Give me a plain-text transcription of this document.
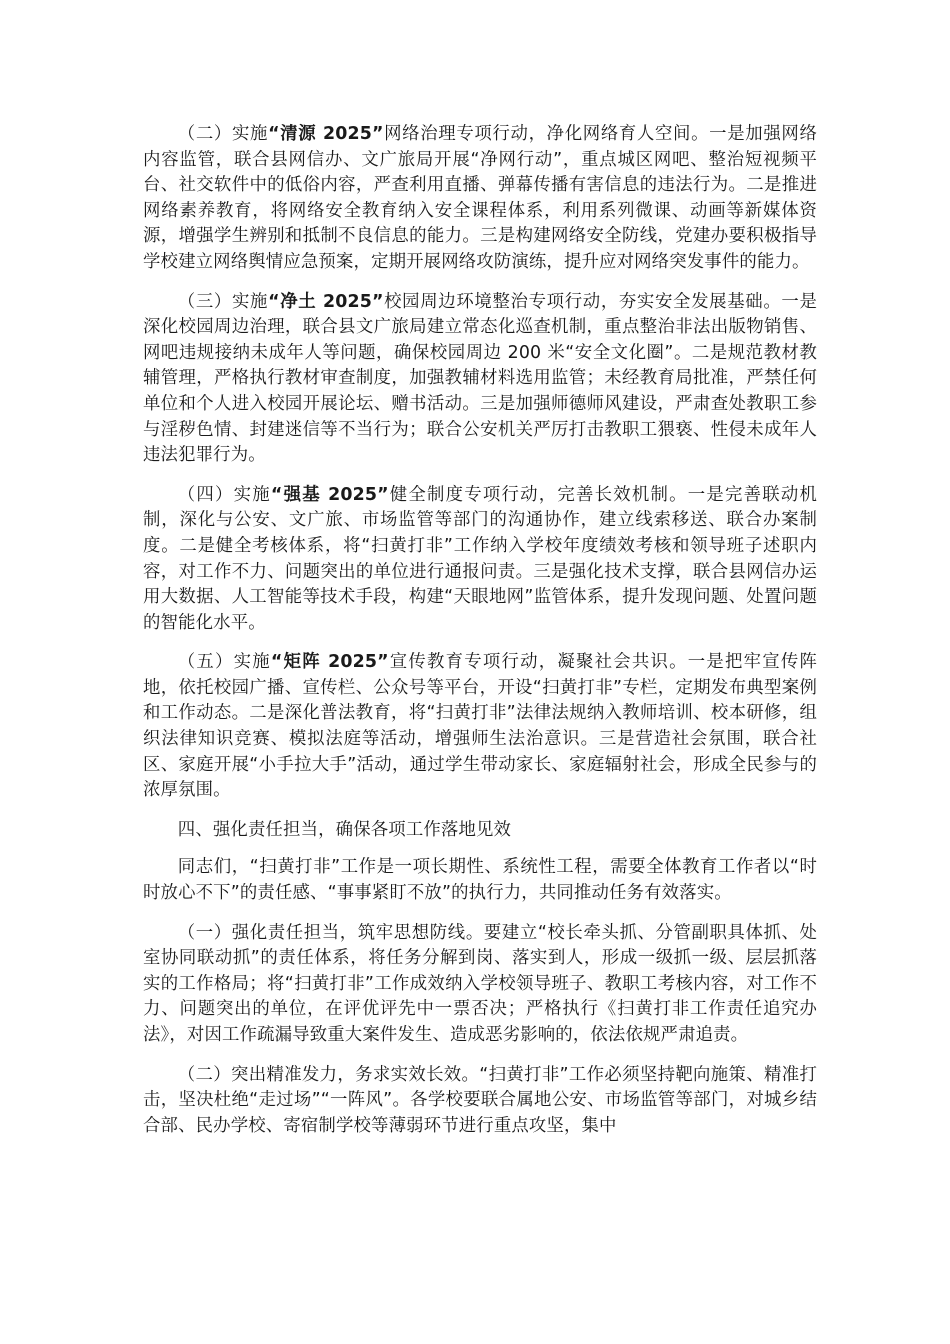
（二）实施“清源 2025”网络治理专项行动，净化网络育人空间。一是加强网络内容监管，联合县网信办、文广旅局开展“净网行动”，重点城区网吧、整治短视频平台、社交软件中的低俗内容，严查利用直播、弹幕传播有害信息的违法行为。二是推进网络素养教育，将网络安全教育纳入安全课程体系，利用系列微课、动画等新媒体资源，增强学生辨别和抵制不良信息的能力。三是构建网络安全防线，党建办要积极指导学校建立网络舆情应急预案，定期开展网络攻防演练，提升应对网络突发事件的能力。

（三）实施“净土 2025”校园周边环境整治专项行动，夯实安全发展基础。一是深化校园周边治理，联合县文广旅局建立常态化巡查机制，重点整治非法出版物销售、网吧违规接纳未成年人等问题，确保校园周边 200 米“安全文化圈”。二是规范教材教辅管理，严格执行教材审查制度，加强教辅材料选用监管；未经教育局批准，严禁任何单位和个人进入校园开展论坛、赠书活动。三是加强师德师风建设，严肃查处教职工参与淫秽色情、封建迷信等不当行为；联合公安机关严厉打击教职工猥亵、性侵未成年人违法犯罪行为。

（四）实施“强基 2025”健全制度专项行动，完善长效机制。一是完善联动机制，深化与公安、文广旅、市场监管等部门的沟通协作，建立线索移送、联合办案制度。二是健全考核体系，将“扫黄打非”工作纳入学校年度绩效考核和领导班子述职内容，对工作不力、问题突出的单位进行通报问责。三是强化技术支撑，联合县网信办运用大数据、人工智能等技术手段，构建“天眼地网”监管体系，提升发现问题、处置问题的智能化水平。

（五）实施“矩阵 2025”宣传教育专项行动，凝聚社会共识。一是把牢宣传阵地，依托校园广播、宣传栏、公众号等平台，开设“扫黄打非”专栏，定期发布典型案例和工作动态。二是深化普法教育，将“扫黄打非”法律法规纳入教师培训、校本研修，组织法律知识竞赛、模拟法庭等活动，增强师生法治意识。三是营造社会氛围，联合社区、家庭开展“小手拉大手”活动，通过学生带动家长、家庭辐射社会，形成全民参与的浓厚氛围。

四、强化责任担当，确保各项工作落地见效

同志们，“扫黄打非”工作是一项长期性、系统性工程，需要全体教育工作者以“时时放心不下”的责任感、“事事紧盯不放”的执行力，共同推动任务有效落实。

（一）强化责任担当，筑牢思想防线。要建立“校长牵头抓、分管副职具体抓、处室协同联动抓”的责任体系，将任务分解到岗、落实到人，形成一级抓一级、层层抓落实的工作格局；将“扫黄打非”工作成效纳入学校领导班子、教职工考核内容，对工作不力、问题突出的单位，在评优评先中一票否决；严格执行《扫黄打非工作责任追究办法》，对因工作疏漏导致重大案件发生、造成恶劣影响的，依法依规严肃追责。

（二）突出精准发力，务求实效长效。“扫黄打非”工作必须坚持靶向施策、精准打击，坚决杜绝“走过场”“一阵风”。各学校要联合属地公安、市场监管等部门，对城乡结合部、民办学校、寄宿制学校等薄弱环节进行重点攻坚，集中
